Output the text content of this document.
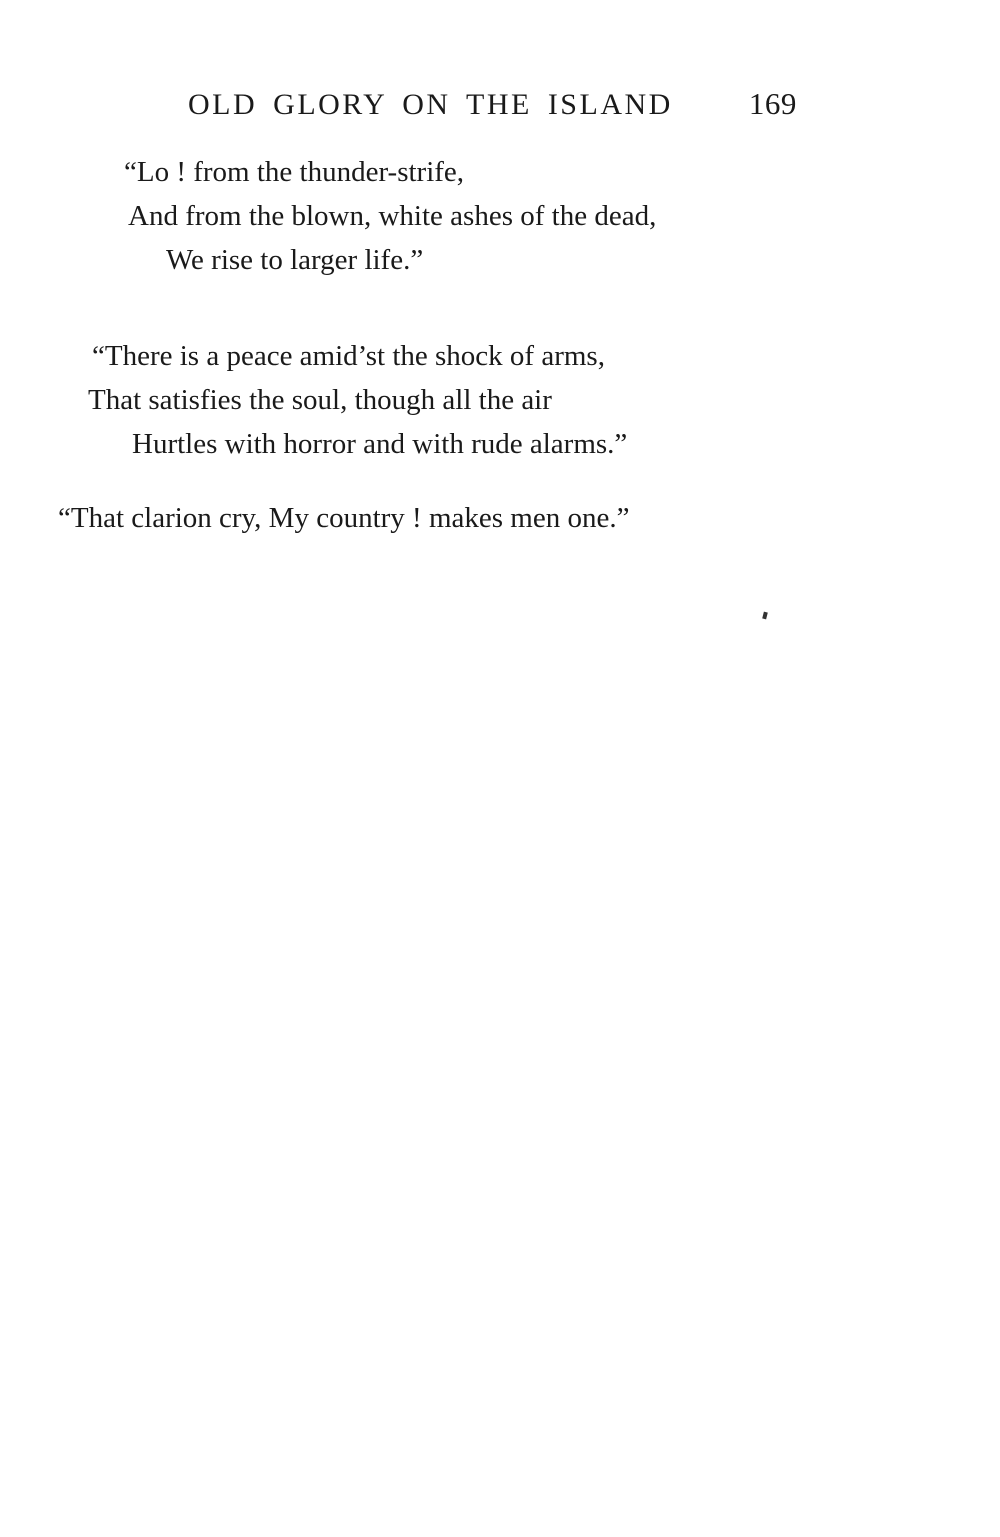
OLD GLORY ON THE ISLAND 169
“Lo ! from the thunder-strife,
And from the blown, white ashes of the dead,
We rise to larger life.”
“There is a peace amid’st the shock of arms,
That satisfies the soul, though all the air
Hurtles with horror and with rude alarms.”
“That clarion cry, My country ! makes men one.”
